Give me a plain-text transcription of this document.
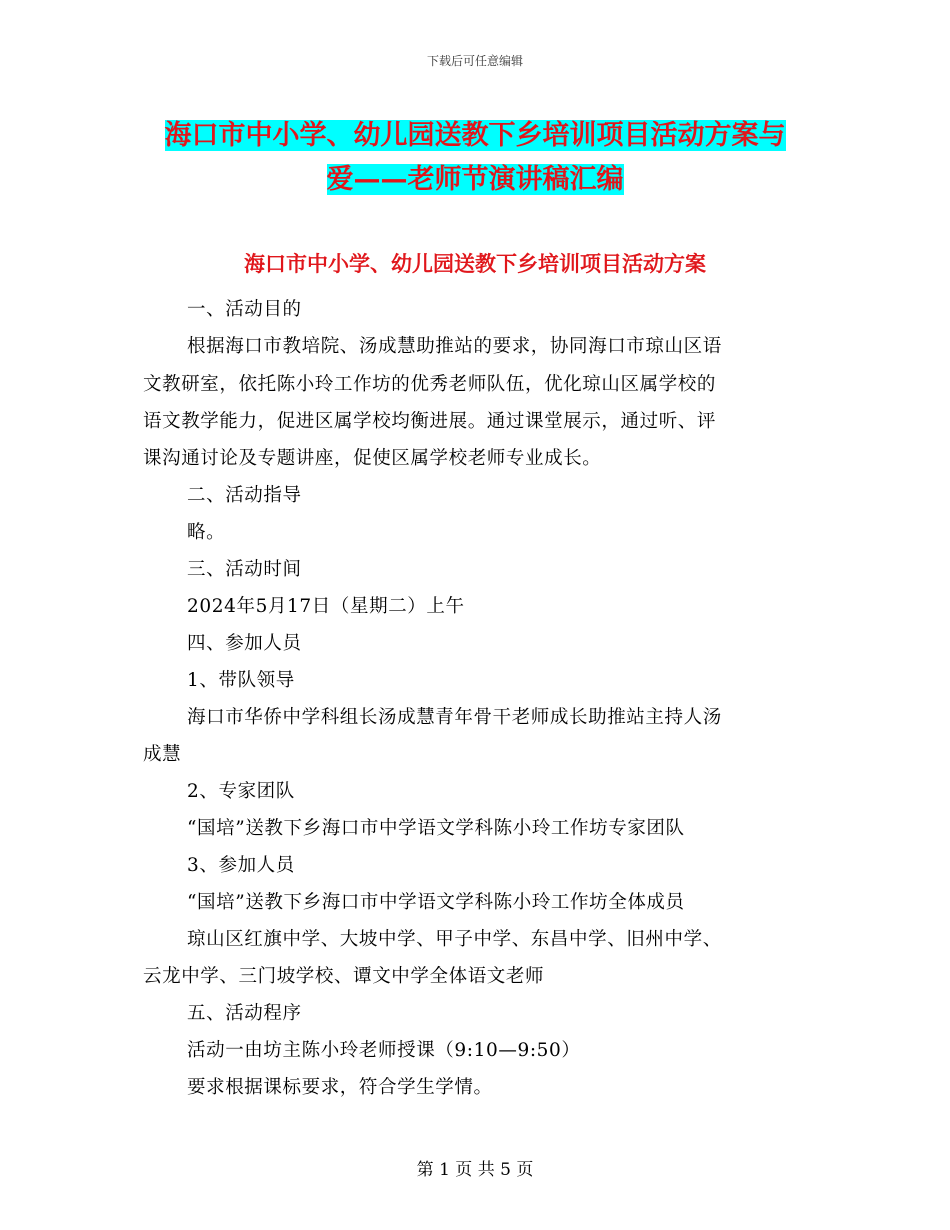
下载后可任意编辑
海口市中小学、幼儿园送教下乡培训项目活动方案与
爱——老师节演讲稿汇编
海口市中小学、幼儿园送教下乡培训项目活动方案
一、活动目的
根据海口市教培院、汤成慧助推站的要求，协同海口市琼山区语
文教研室，依托陈小玲工作坊的优秀老师队伍，优化琼山区属学校的
语文教学能力，促进区属学校均衡进展。通过课堂展示，通过听、评
课沟通讨论及专题讲座，促使区属学校老师专业成长。
二、活动指导
略。
三、活动时间
2024年5月17日（星期二）上午
四、参加人员
1、带队领导
海口市华侨中学科组长汤成慧青年骨干老师成长助推站主持人汤
成慧
2、专家团队
“国培”送教下乡海口市中学语文学科陈小玲工作坊专家团队
3、参加人员
“国培”送教下乡海口市中学语文学科陈小玲工作坊全体成员
琼山区红旗中学、大坡中学、甲子中学、东昌中学、旧州中学、
云龙中学、三门坡学校、谭文中学全体语文老师
五、活动程序
活动一由坊主陈小玲老师授课（9:10—9:50）
要求根据课标要求，符合学生学情。
第 1 页 共 5 页
